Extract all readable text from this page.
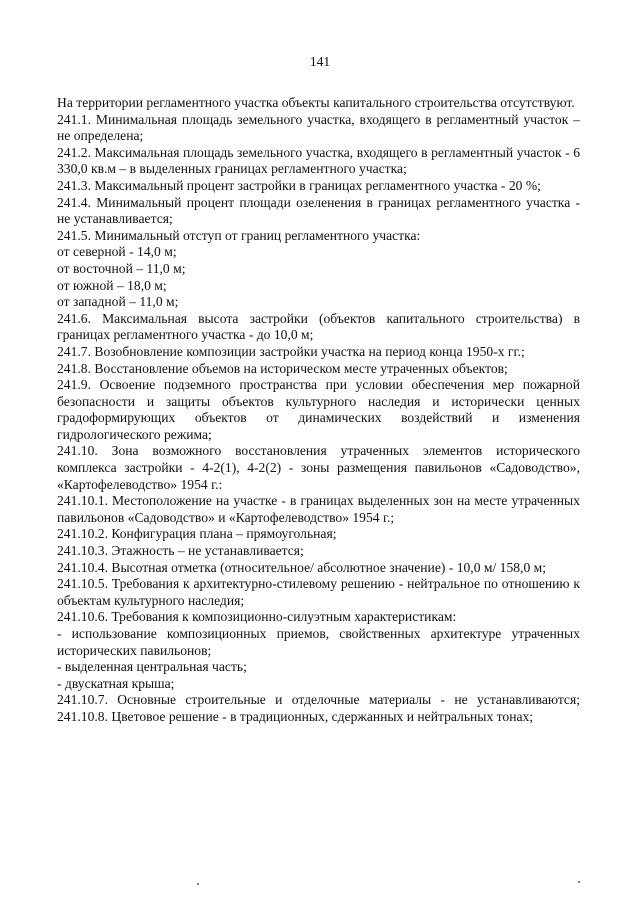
141

На территории регламентного участка объекты капитального строительства отсутствуют.

241.1. Минимальная площадь земельного участка, входящего в регламентный участок – не определена;

241.2. Максимальная площадь земельного участка, входящего в регламентный участок - 6 330,0 кв.м – в выделенных границах регламентного участка;

241.3. Максимальный процент застройки в границах регламентного участка - 20 %;

241.4. Минимальный процент площади озеленения в границах регламентного участка - не устанавливается;

241.5. Минимальный отступ от границ регламентного участка:

от северной - 14,0 м;

от восточной – 11,0 м;

от южной – 18,0 м;

от западной – 11,0 м;

241.6. Максимальная высота застройки (объектов капитального строительства) в границах регламентного участка - до 10,0 м;

241.7. Возобновление композиции застройки участка на период конца 1950-х гг.;

241.8. Восстановление объемов на историческом месте утраченных объектов;

241.9. Освоение подземного пространства при условии обеспечения мер пожарной безопасности и защиты объектов культурного наследия и исторически ценных градоформирующих объектов от динамических воздействий и изменения гидрологического режима;

241.10. Зона возможного восстановления утраченных элементов исторического комплекса застройки - 4-2(1), 4-2(2) - зоны размещения павильонов «Садоводство», «Картофелеводство» 1954 г.:

241.10.1. Местоположение на участке - в границах выделенных зон на месте утраченных павильонов «Садоводство» и «Картофелеводство» 1954 г.;

241.10.2. Конфигурация плана – прямоугольная;

241.10.3. Этажность – не устанавливается;

241.10.4. Высотная отметка (относительное/ абсолютное значение) - 10,0 м/ 158,0 м;

241.10.5. Требования к архитектурно-стилевому решению - нейтральное по отношению к объектам культурного наследия;

241.10.6. Требования к композиционно-силуэтным характеристикам:

- использование композиционных приемов, свойственных архитектуре утраченных исторических павильонов;

- выделенная центральная часть;

- двускатная крыша;

241.10.7. Основные строительные и отделочные материалы - не устанавливаются;

241.10.8. Цветовое решение - в традиционных, сдержанных и нейтральных тонах;
